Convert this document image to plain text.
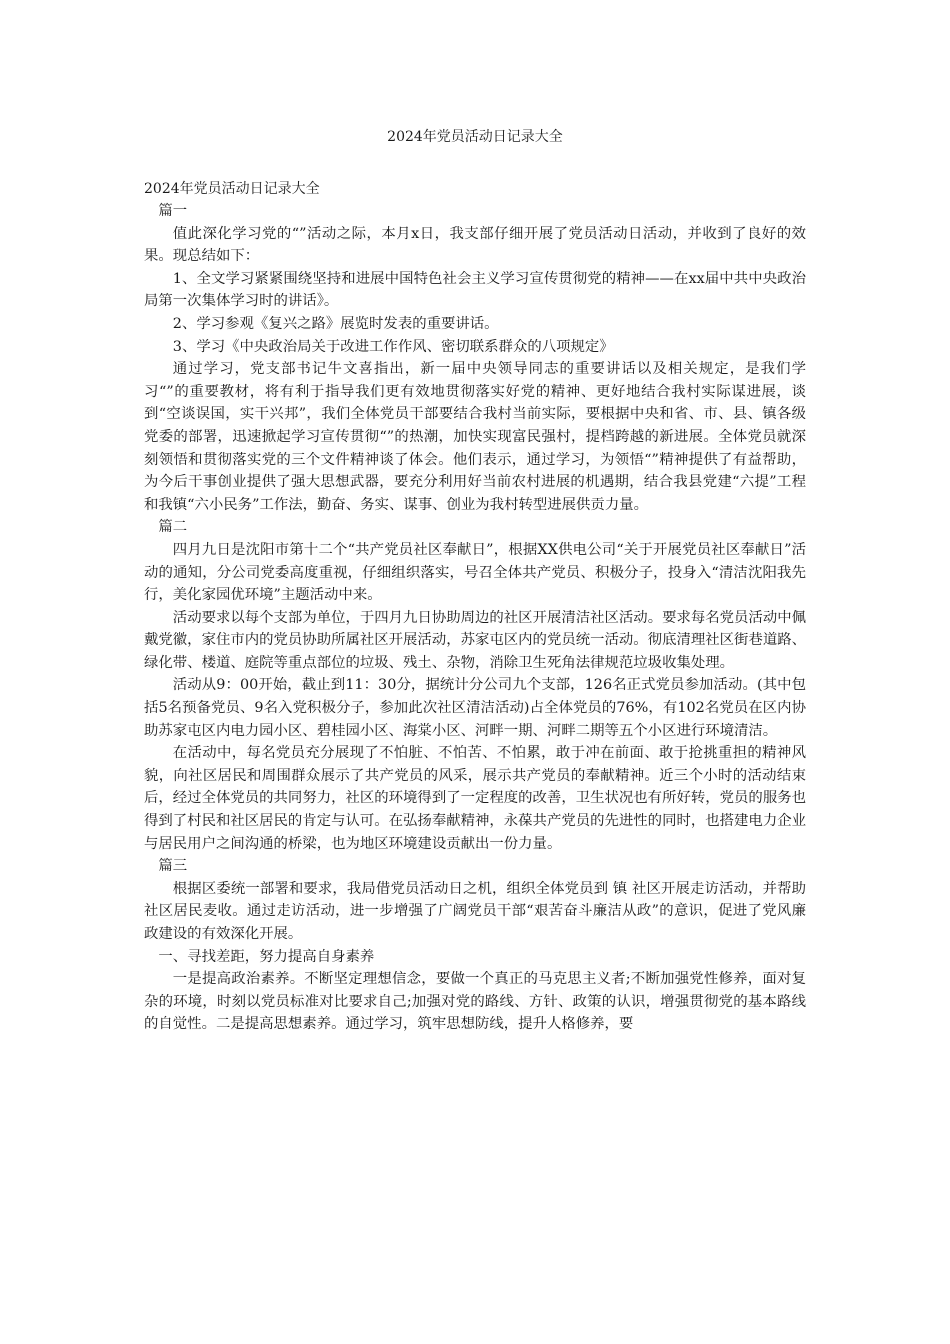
2024年党员活动日记录大全
2024年党员活动日记录大全

篇一

值此深化学习党的“”活动之际，本月x日，我支部仔细开展了党员活动日活动，并收到了良好的效果。现总结如下：

1、全文学习紧紧围绕坚持和进展中国特色社会主义学习宣传贯彻党的精神——在xx届中共中央政治局第一次集体学习时的讲话》。

2、学习参观《复兴之路》展览时发表的重要讲话。

3、学习《中央政治局关于改进工作作风、密切联系群众的八项规定》

通过学习，党支部书记牛文喜指出，新一届中央领导同志的重要讲话以及相关规定，是我们学习“”的重要教材，将有利于指导我们更有效地贯彻落实好党的精神、更好地结合我村实际谋进展，谈到“空谈误国，实干兴邦”，我们全体党员干部要结合我村当前实际，要根据中央和省、市、县、镇各级党委的部署，迅速掀起学习宣传贯彻“”的热潮，加快实现富民强村，提档跨越的新进展。全体党员就深刻领悟和贯彻落实党的三个文件精神谈了体会。他们表示，通过学习，为领悟“”精神提供了有益帮助，为今后干事创业提供了强大思想武器，要充分利用好当前农村进展的机遇期，结合我县党建“六提”工程和我镇“六小民务”工作法，勤奋、务实、谋事、创业为我村转型进展供贡力量。

篇二

四月九日是沈阳市第十二个“共产党员社区奉献日”，根据XX供电公司“关于开展党员社区奉献日”活动的通知，分公司党委高度重视，仔细组织落实，号召全体共产党员、积极分子，投身入“清洁沈阳我先行，美化家园优环境”主题活动中来。

活动要求以每个支部为单位，于四月九日协助周边的社区开展清洁社区活动。要求每名党员活动中佩戴党徽，家住市内的党员协助所属社区开展活动，苏家屯区内的党员统一活动。彻底清理社区街巷道路、绿化带、楼道、庭院等重点部位的垃圾、残土、杂物，消除卫生死角法律规范垃圾收集处理。

活动从9：00开始，截止到11：30分，据统计分公司九个支部，126名正式党员参加活动。(其中包括5名预备党员、9名入党积极分子，参加此次社区清洁活动)占全体党员的76%，有102名党员在区内协助苏家屯区内电力园小区、碧桂园小区、海棠小区、河畔一期、河畔二期等五个小区进行环境清洁。

在活动中，每名党员充分展现了不怕脏、不怕苦、不怕累，敢于冲在前面、敢于抢挑重担的精神风貌，向社区居民和周围群众展示了共产党员的风采，展示共产党员的奉献精神。近三个小时的活动结束后，经过全体党员的共同努力，社区的环境得到了一定程度的改善，卫生状况也有所好转，党员的服务也得到了村民和社区居民的肯定与认可。在弘扬奉献精神，永葆共产党员的先进性的同时，也搭建电力企业与居民用户之间沟通的桥梁，也为地区环境建设贡献出一份力量。

篇三

根据区委统一部署和要求，我局借党员活动日之机，组织全体党员到 镇 社区开展走访活动，并帮助社区居民麦收。通过走访活动，进一步增强了广阔党员干部“艰苦奋斗廉洁从政”的意识，促进了党风廉政建设的有效深化开展。

一、寻找差距，努力提高自身素养

一是提高政治素养。不断坚定理想信念，要做一个真正的马克思主义者;不断加强党性修养，面对复杂的环境，时刻以党员标准对比要求自己;加强对党的路线、方针、政策的认识，增强贯彻党的基本路线的自觉性。二是提高思想素养。通过学习，筑牢思想防线，提升人格修养，要
